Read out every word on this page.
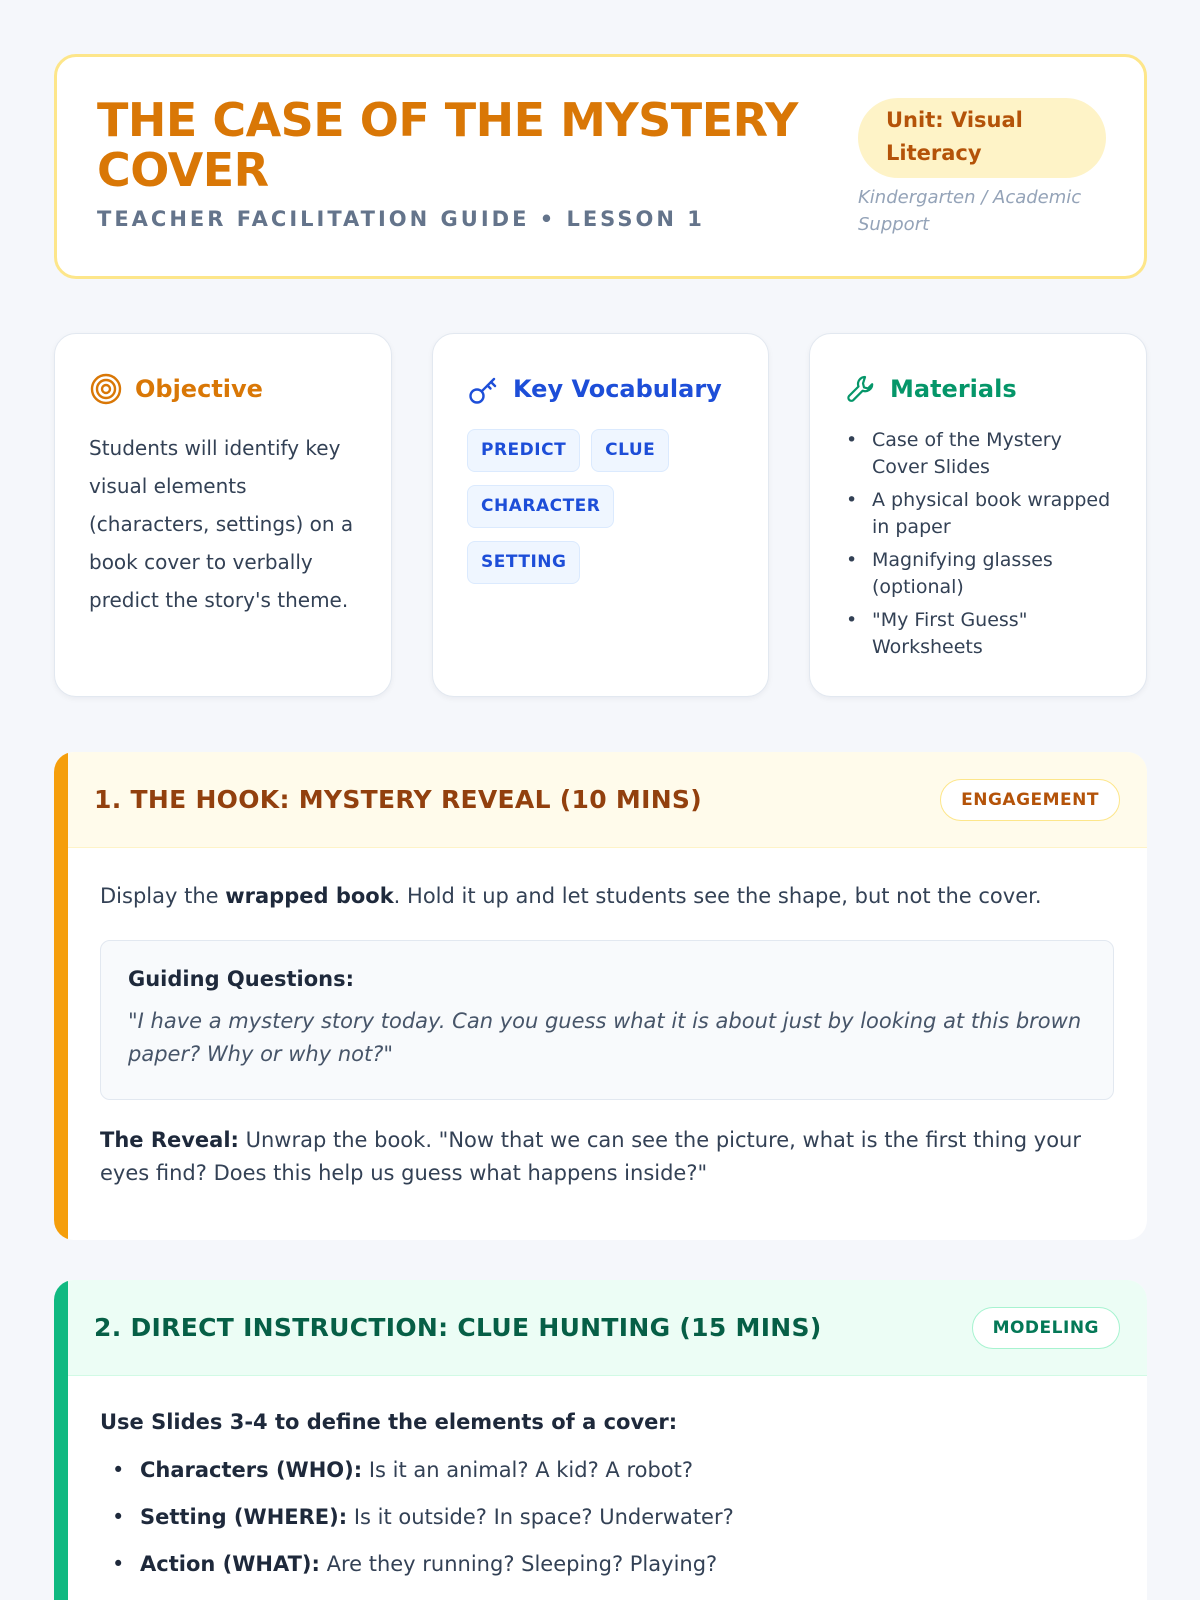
THE CASE OF THE MYSTERY COVER
TEACHER FACILITATION GUIDE • LESSON 1
Unit: Visual Literacy
Kindergarten / Academic Support
Objective
Students will identify key visual elements (characters, settings) on a book cover to verbally predict the story's theme.
Key Vocabulary
PREDICT CLUE
CHARACTER
SETTING
Materials
• Case of the Mystery Cover Slides
• A physical book wrapped in paper
• Magnifying glasses (optional)
• "My First Guess" Worksheets
1. THE HOOK: MYSTERY REVEAL (10 MINS)	ENGAGEMENT
Display the wrapped book. Hold it up and let students see the shape, but not the cover.
Guiding Questions:
"I have a mystery story today. Can you guess what it is about just by looking at this brown paper? Why or why not?"
The Reveal: Unwrap the book. "Now that we can see the picture, what is the first thing your eyes find? Does this help us guess what happens inside?"
2. DIRECT INSTRUCTION: CLUE HUNTING (15 MINS)	MODELING
Use Slides 3-4 to define the elements of a cover:
• Characters (WHO): Is it an animal? A kid? A robot?
• Setting (WHERE): Is it outside? In space? Underwater?
• Action (WHAT): Are they running? Sleeping? Playing?
